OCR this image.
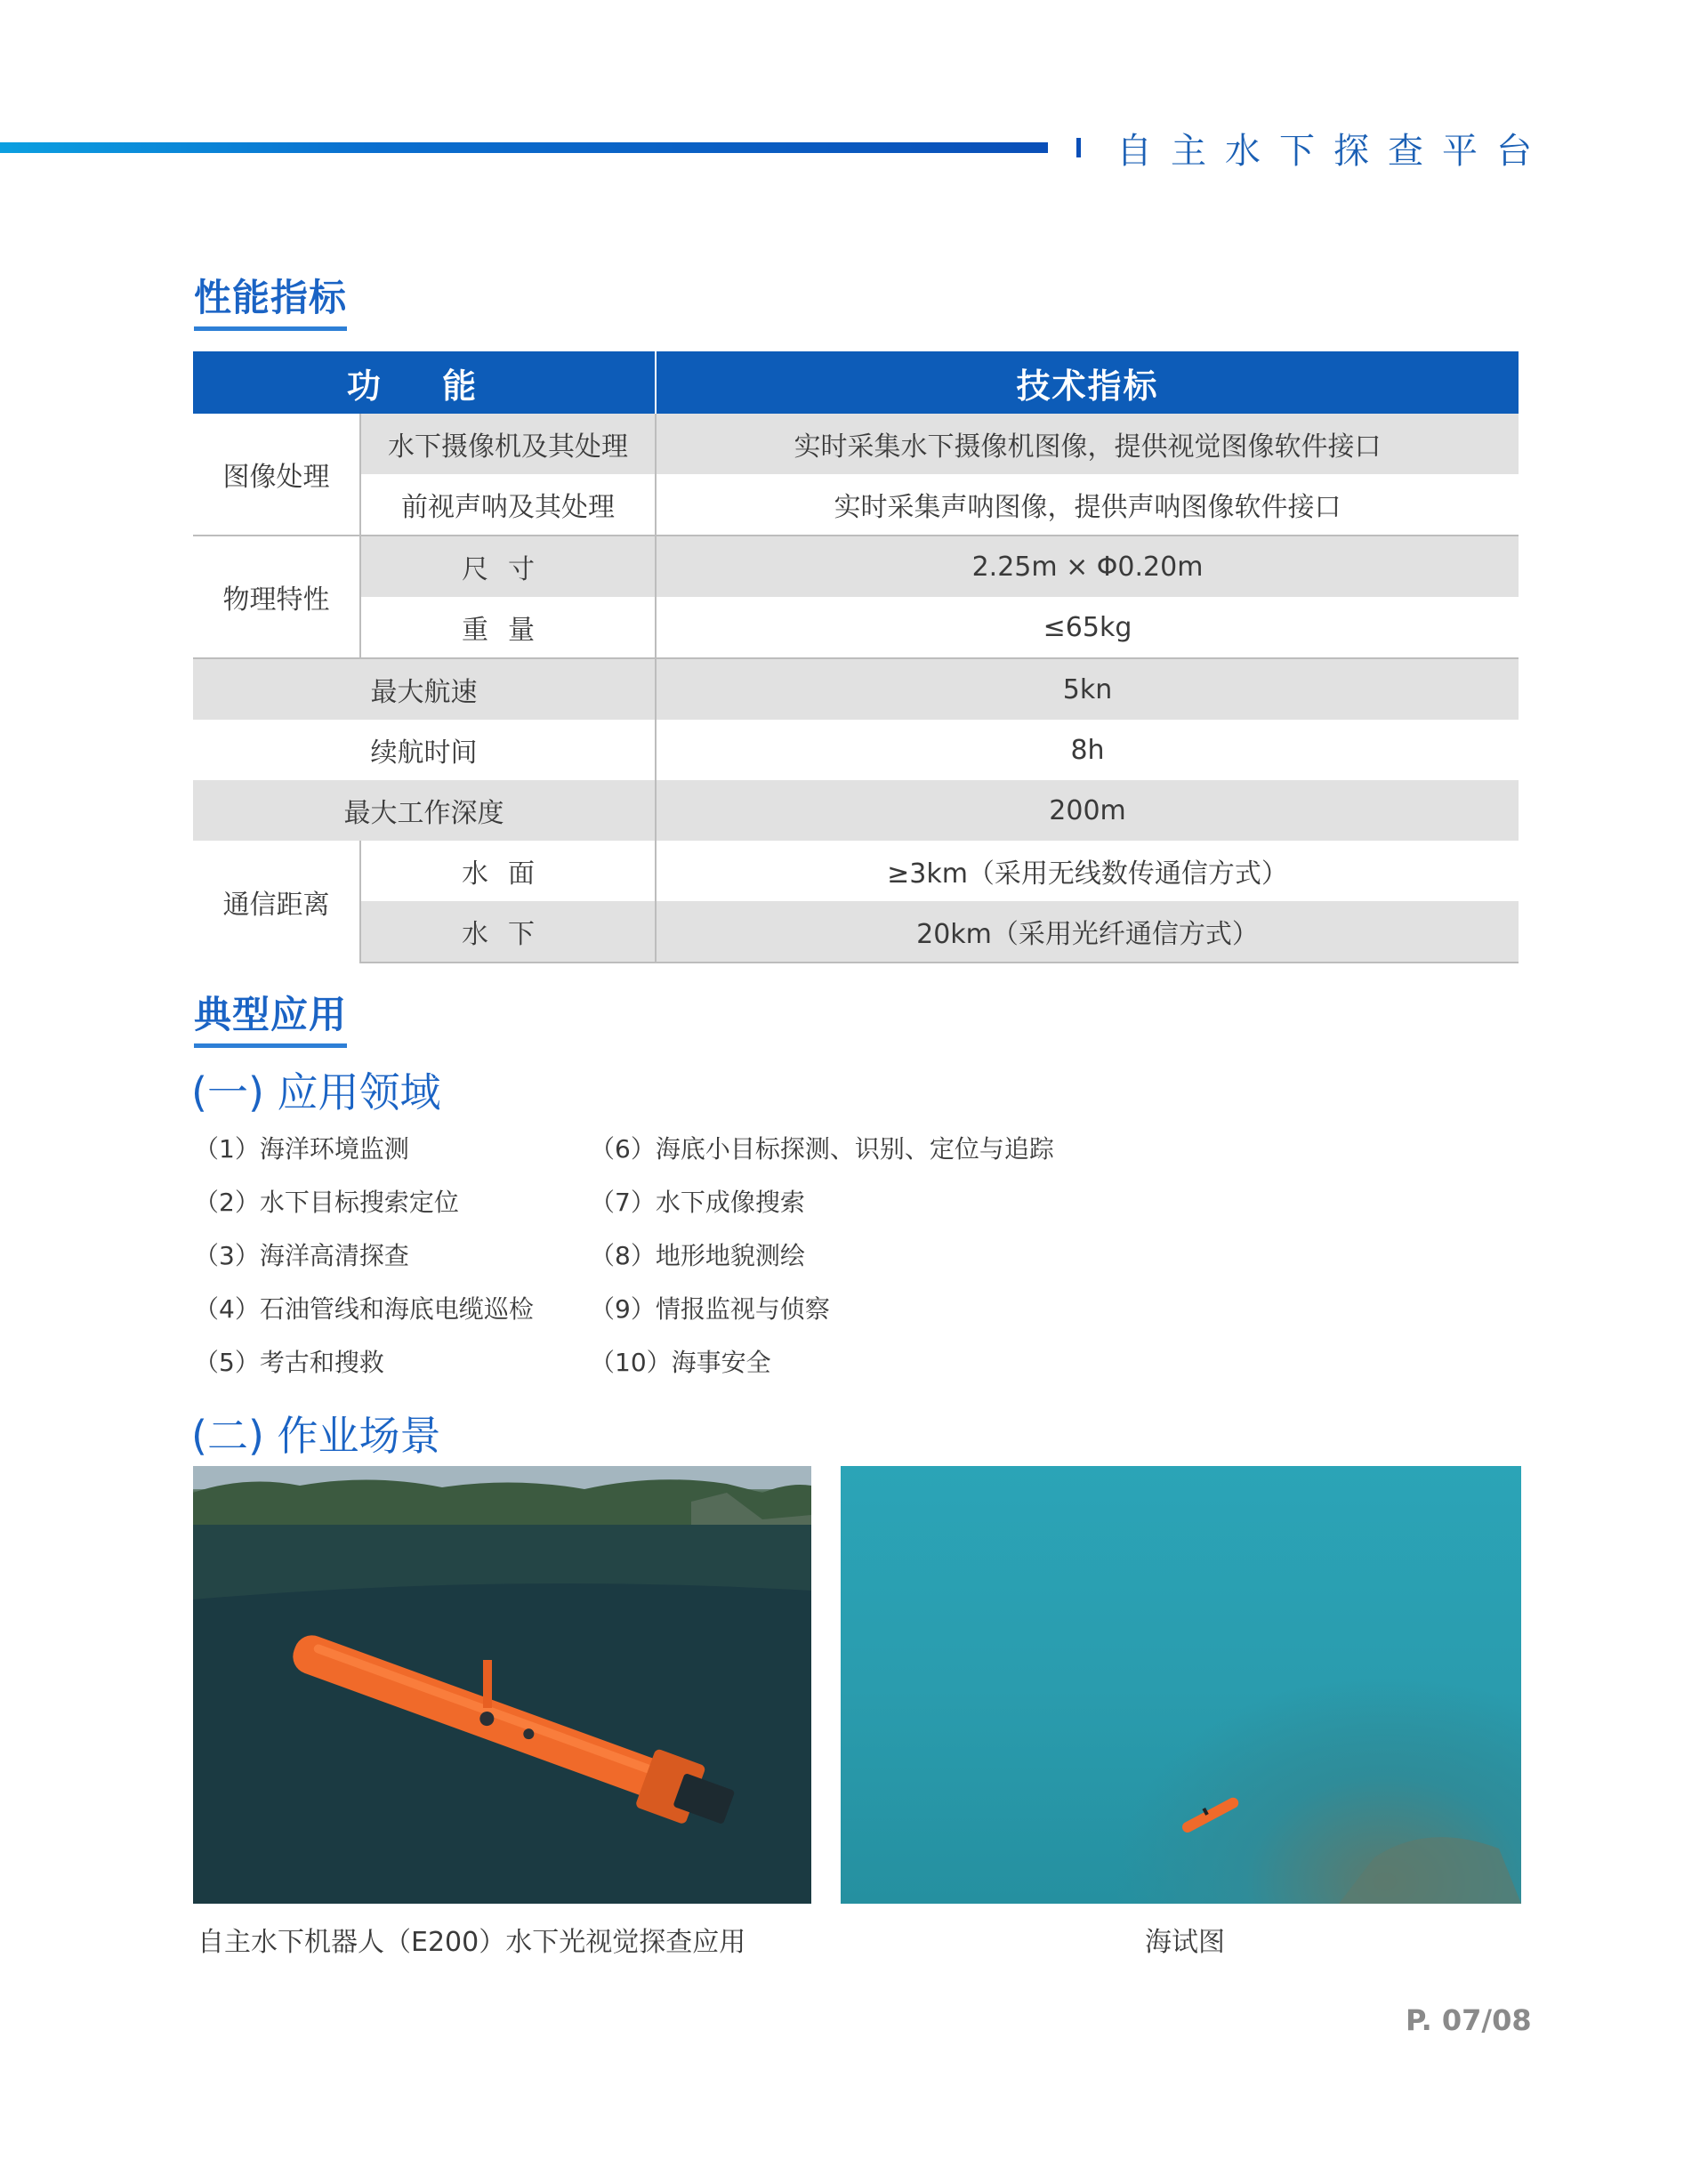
自主水下探查平台
性能指标
功 能		技术指标
图像处理	水下摄像机及其处理	实时采集水下摄像机图像，提供视觉图像软件接口
	前视声呐及其处理	实时采集声呐图像，提供声呐图像软件接口
物理特性	尺寸	2.25m × Φ0.20m
	重量	≤65kg
最大航速		5kn
续航时间		8h
最大工作深度		200m
通信距离	水面	≥3km（采用无线数传通信方式）
	水下	20km（采用光纤通信方式）
典型应用
(一) 应用领域
（1）海洋环境监测
（2）水下目标搜索定位
（3）海洋高清探查
（4）石油管线和海底电缆巡检
（5）考古和搜救
（6）海底小目标探测、识别、定位与追踪
（7）水下成像搜索
（8）地形地貌测绘
（9）情报监视与侦察
（10）海事安全
(二) 作业场景
自主水下机器人（E200）水下光视觉探查应用	海试图
P. 07/08
